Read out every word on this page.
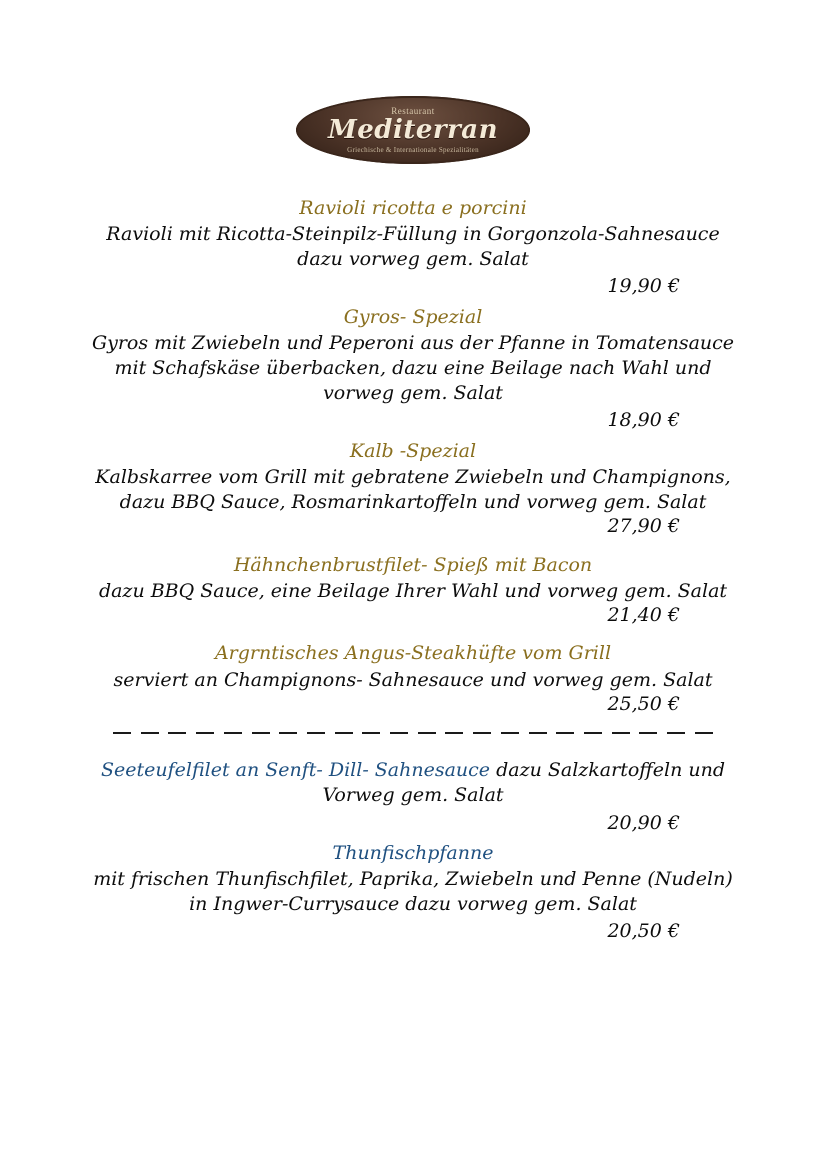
Restaurant
Mediterran
Griechische & Internationale Spezialitäten
Ravioli ricotta e porcini
Ravioli mit Ricotta-Steinpilz-Füllung in Gorgonzola-Sahnesauce
dazu vorweg gem. Salat
19,90 €
Gyros- Spezial
Gyros mit Zwiebeln und Peperoni aus der Pfanne in Tomatensauce
mit Schafskäse überbacken, dazu eine Beilage nach Wahl und
vorweg gem. Salat
18,90 €
Kalb -Spezial
Kalbskarree vom Grill mit gebratene Zwiebeln und Champignons,
dazu BBQ Sauce, Rosmarinkartoffeln und vorweg gem. Salat
27,90 €
Hähnchenbrustfilet- Spieß mit Bacon
dazu BBQ Sauce, eine Beilage Ihrer Wahl und vorweg gem. Salat
21,40 €
Argrntisches Angus-Steakhüfte vom Grill
serviert an Champignons- Sahnesauce und vorweg gem. Salat
25,50 €
Seeteufelfilet an Senft- Dill- Sahnesauce dazu Salzkartoffeln und
Vorweg gem. Salat
20,90 €
Thunfischpfanne
mit frischen Thunfischfilet, Paprika, Zwiebeln und Penne (Nudeln)
in Ingwer-Currysauce dazu vorweg gem. Salat
20,50 €
